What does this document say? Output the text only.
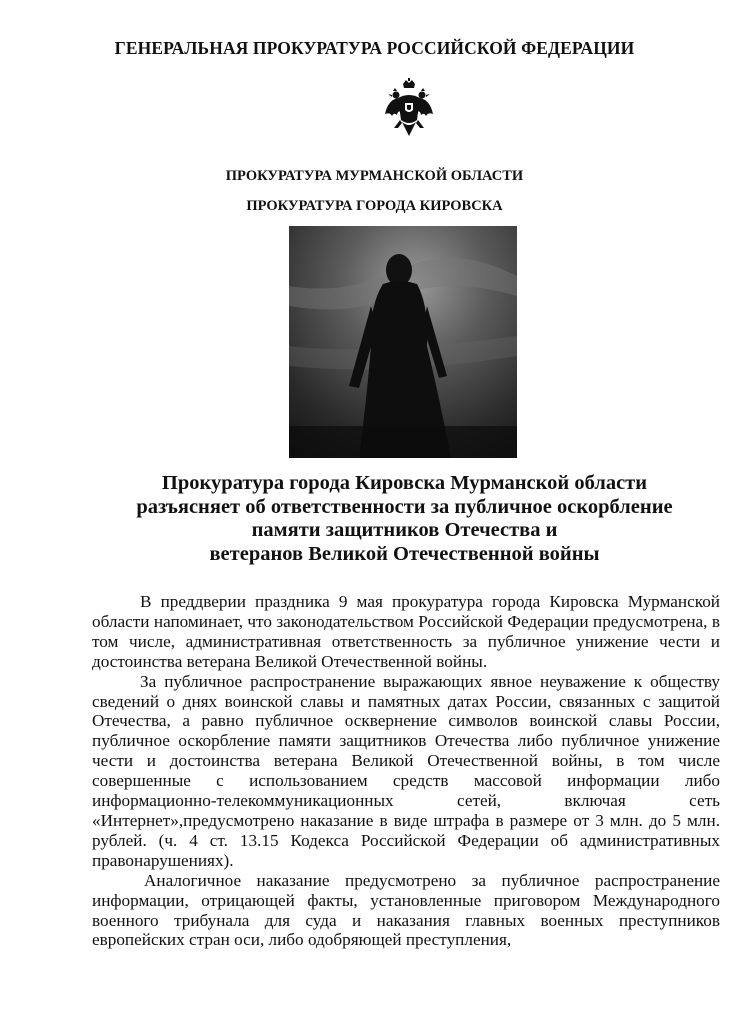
ГЕНЕРАЛЬНАЯ ПРОКУРАТУРА РОССИЙСКОЙ ФЕДЕРАЦИИ
ПРОКУРАТУРА МУРМАНСКОЙ ОБЛАСТИ
ПРОКУРАТУРА ГОРОДА КИРОВСКА
Прокуратура города Кировска Мурманской области
разъясняет об ответственности за публичное оскорбление
памяти защитников Отечества и
ветеранов Великой Отечественной войны

В преддверии праздника 9 мая прокуратура города Кировска Мурманской области напоминает, что законодательством Российской Федерации предусмотрена, в том числе, административная ответственность за публичное унижение чести и достоинства ветерана Великой Отечественной войны.

За публичное распространение выражающих явное неуважение к обществу сведений о днях воинской славы и памятных датах России, связанных с защитой Отечества, а равно публичное осквернение символов воинской славы России, публичное оскорбление памяти защитников Отечества либо публичное унижение чести и достоинства ветерана Великой Отечественной войны, в том числе совершенные с использованием средств массовой информации либо информационно-телекоммуникационных сетей, включая сеть «Интернет»,предусмотрено наказание в виде штрафа в размере от 3 млн. до 5 млн. рублей. (ч. 4 ст. 13.15 Кодекса Российской Федерации об административных правонарушениях).

Аналогичное наказание предусмотрено за публичное распространение информации, отрицающей факты, установленные приговором Международного военного трибунала для суда и наказания главных военных преступников европейских стран оси, либо одобряющей преступления,
